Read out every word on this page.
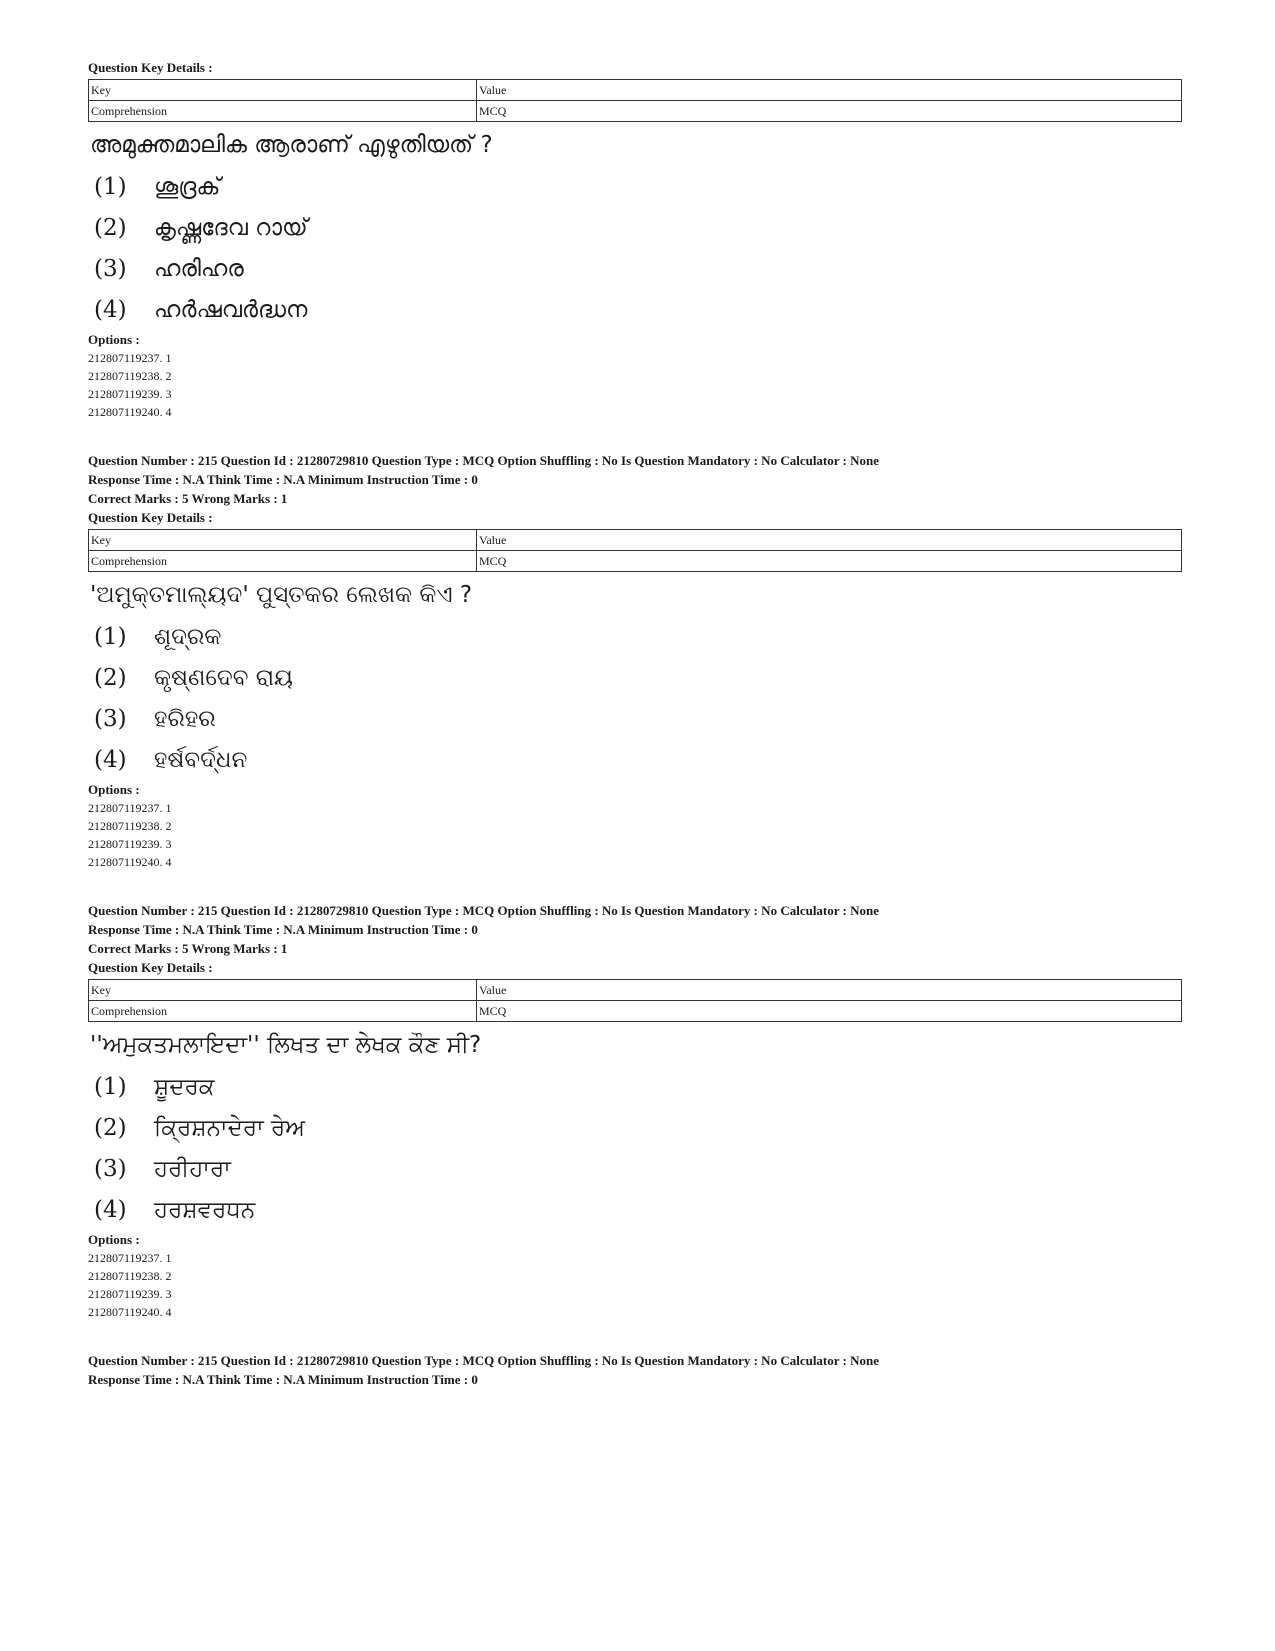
Question Key Details :
Key	Value
Comprehension	MCQ
അമുക്തമാലിക ആരാണ് എഴുതിയത് ?
(1)	ശൂദ്രക്
(2)	കൃഷ്ണദേവ റായ്
(3)	ഹരിഹര
(4)	ഹർഷവർദ്ധന
Options :
212807119237. 1
212807119238. 2
212807119239. 3
212807119240. 4
Question Number : 215 Question Id : 21280729810 Question Type : MCQ Option Shuffling : No Is Question Mandatory : No Calculator : None
Response Time : N.A Think Time : N.A Minimum Instruction Time : 0
Correct Marks : 5 Wrong Marks : 1
Question Key Details :
Key	Value
Comprehension	MCQ
'ଅମୁକ୍ତମାଲ୍ୟଦ' ପୁସ୍ତକର ଲେଖକ କିଏ ?
(1)	ଶୂଦ୍ରକ
(2)	କୃଷ୍ଣଦେବ ରାୟ
(3)	ହରିହର
(4)	ହର୍ଷବର୍ଦ୍ଧନ
Options :
212807119237. 1
212807119238. 2
212807119239. 3
212807119240. 4
Question Number : 215 Question Id : 21280729810 Question Type : MCQ Option Shuffling : No Is Question Mandatory : No Calculator : None
Response Time : N.A Think Time : N.A Minimum Instruction Time : 0
Correct Marks : 5 Wrong Marks : 1
Question Key Details :
Key	Value
Comprehension	MCQ
''ਅਮੁਕਤਮਲਾਇਦਾ'' ਲਿਖਤ ਦਾ ਲੇਖਕ ਕੌਣ ਸੀ?
(1)	ਸ਼ੂਦਰਕ
(2)	ਕ੍ਰਿਸ਼ਨਾਦੇਰਾ ਰੇਅ
(3)	ਹਰੀਹਾਰਾ
(4)	ਹਰਸ਼ਵਰਧਨ
Options :
212807119237. 1
212807119238. 2
212807119239. 3
212807119240. 4
Question Number : 215 Question Id : 21280729810 Question Type : MCQ Option Shuffling : No Is Question Mandatory : No Calculator : None
Response Time : N.A Think Time : N.A Minimum Instruction Time : 0
